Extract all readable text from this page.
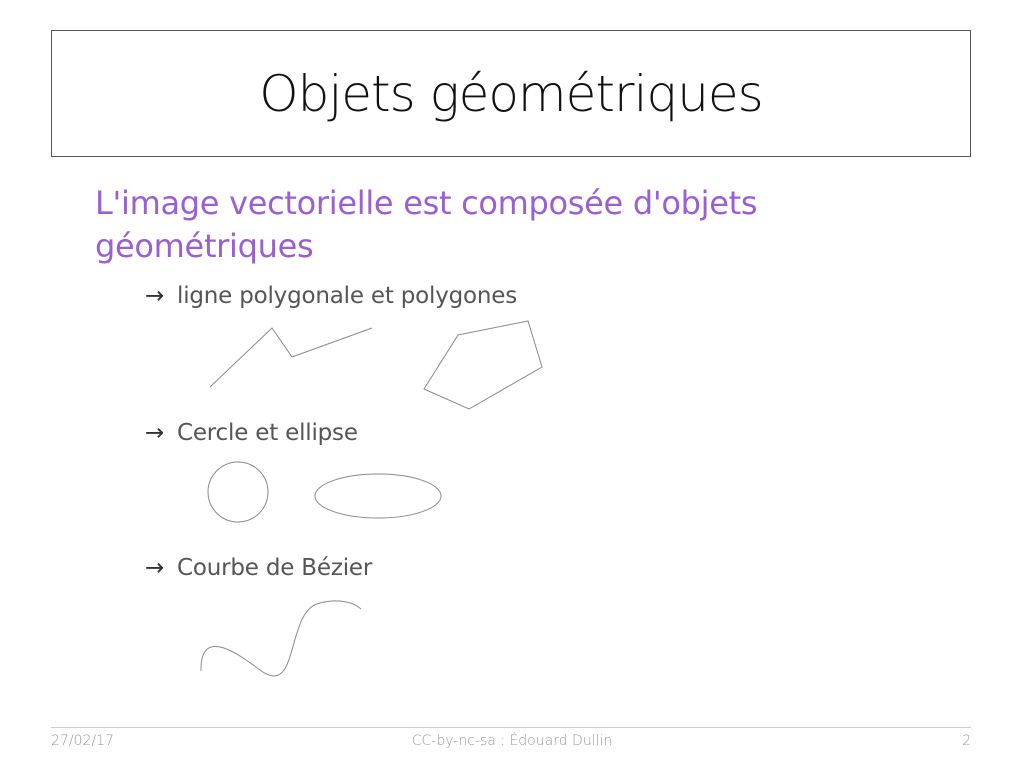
Objets géométriques
L'image vectorielle est composée d'objets géométriques
→ ligne polygonale et polygones
→ Cercle et ellipse
→ Courbe de Bézier
27/02/17	CC-by-nc-sa : Édouard Dullin	2
